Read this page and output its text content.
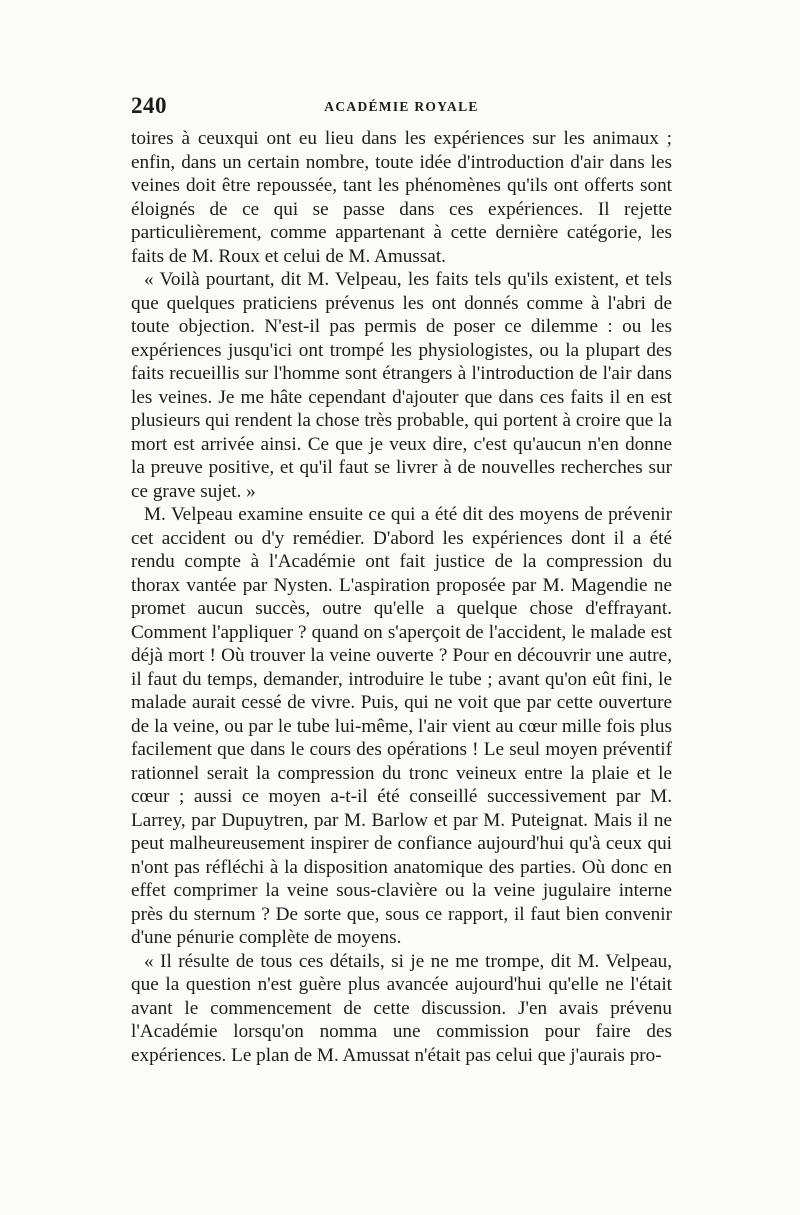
240	ACADÉMIE ROYALE

toires à ceuxqui ont eu lieu dans les expériences sur les animaux ; enfin, dans un certain nombre, toute idée d'introduction d'air dans les veines doit être repoussée, tant les phénomènes qu'ils ont offerts sont éloignés de ce qui se passe dans ces expériences. Il rejette particulièrement, comme appartenant à cette dernière catégorie, les faits de M. Roux et celui de M. Amussat.

« Voilà pourtant, dit M. Velpeau, les faits tels qu'ils existent, et tels que quelques praticiens prévenus les ont donnés comme à l'abri de toute objection. N'est-il pas permis de poser ce dilemme : ou les expériences jusqu'ici ont trompé les physiologistes, ou la plupart des faits recueillis sur l'homme sont étrangers à l'introduction de l'air dans les veines. Je me hâte cependant d'ajouter que dans ces faits il en est plusieurs qui rendent la chose très probable, qui portent à croire que la mort est arrivée ainsi. Ce que je veux dire, c'est qu'aucun n'en donne la preuve positive, et qu'il faut se livrer à de nouvelles recherches sur ce grave sujet. »

M. Velpeau examine ensuite ce qui a été dit des moyens de prévenir cet accident ou d'y remédier. D'abord les expériences dont il a été rendu compte à l'Académie ont fait justice de la compression du thorax vantée par Nysten. L'aspiration proposée par M. Magendie ne promet aucun succès, outre qu'elle a quelque chose d'effrayant. Comment l'appliquer ? quand on s'aperçoit de l'accident, le malade est déjà mort ! Où trouver la veine ouverte ? Pour en découvrir une autre, il faut du temps, demander, introduire le tube ; avant qu'on eût fini, le malade aurait cessé de vivre. Puis, qui ne voit que par cette ouverture de la veine, ou par le tube lui-même, l'air vient au cœur mille fois plus facilement que dans le cours des opérations ! Le seul moyen préventif rationnel serait la compression du tronc veineux entre la plaie et le cœur ; aussi ce moyen a-t-il été conseillé successivement par M. Larrey, par Dupuytren, par M. Barlow et par M. Puteignat. Mais il ne peut malheureusement inspirer de confiance aujourd'hui qu'à ceux qui n'ont pas réfléchi à la disposition anatomique des parties. Où donc en effet comprimer la veine sous-clavière ou la veine jugulaire interne près du sternum ? De sorte que, sous ce rapport, il faut bien convenir d'une pénurie complète de moyens.

« Il résulte de tous ces détails, si je ne me trompe, dit M. Velpeau, que la question n'est guère plus avancée aujourd'hui qu'elle ne l'était avant le commencement de cette discussion. J'en avais prévenu l'Académie lorsqu'on nomma une commission pour faire des expériences. Le plan de M. Amussat n'était pas celui que j'aurais pro-
